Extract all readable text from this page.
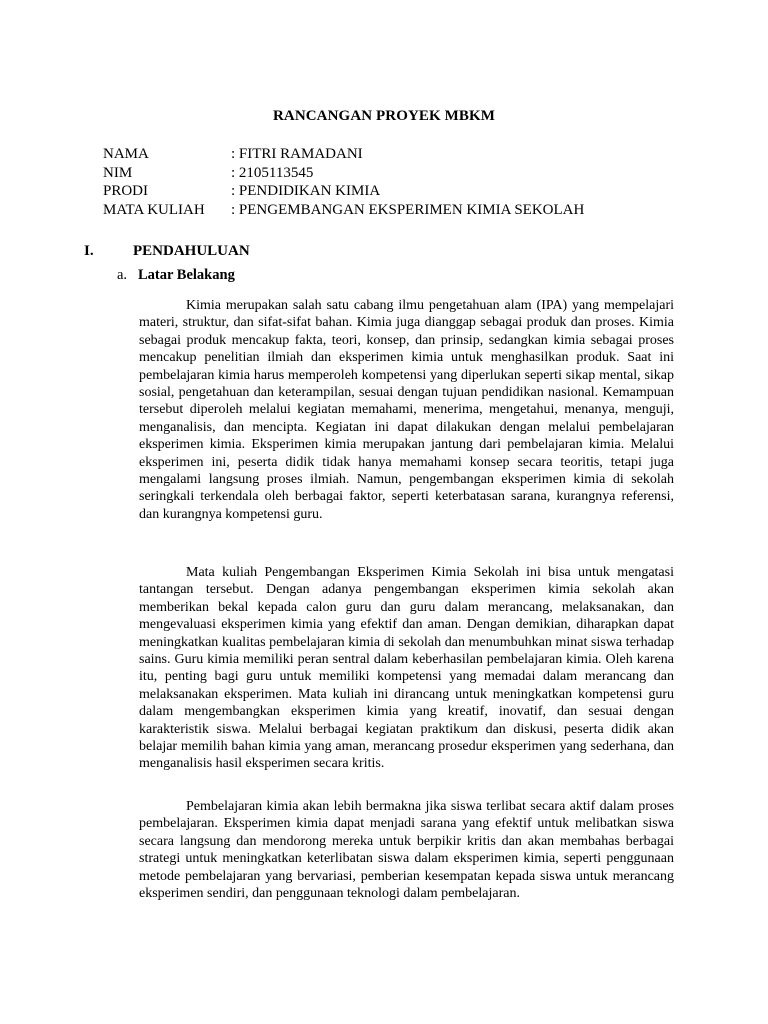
RANCANGAN PROYEK MBKM
NAMA	: FITRI RAMADANI
NIM	: 2105113545
PRODI	: PENDIDIKAN KIMIA
MATA KULIAH : PENGEMBANGAN EKSPERIMEN KIMIA SEKOLAH
I.	PENDAHULUAN
a. Latar Belakang

Kimia merupakan salah satu cabang ilmu pengetahuan alam (IPA) yang mempelajari materi, struktur, dan sifat-sifat bahan. Kimia juga dianggap sebagai produk dan proses. Kimia sebagai produk mencakup fakta, teori, konsep, dan prinsip, sedangkan kimia sebagai proses mencakup penelitian ilmiah dan eksperimen kimia untuk menghasilkan produk. Saat ini pembelajaran kimia harus memperoleh kompetensi yang diperlukan seperti sikap mental, sikap sosial, pengetahuan dan keterampilan, sesuai dengan tujuan pendidikan nasional. Kemampuan tersebut diperoleh melalui kegiatan memahami, menerima, mengetahui, menanya, menguji, menganalisis, dan mencipta. Kegiatan ini dapat dilakukan dengan melalui pembelajaran eksperimen kimia. Eksperimen kimia merupakan jantung dari pembelajaran kimia. Melalui eksperimen ini, peserta didik tidak hanya memahami konsep secara teoritis, tetapi juga mengalami langsung proses ilmiah. Namun, pengembangan eksperimen kimia di sekolah seringkali terkendala oleh berbagai faktor, seperti keterbatasan sarana, kurangnya referensi, dan kurangnya kompetensi guru.

Mata kuliah Pengembangan Eksperimen Kimia Sekolah ini bisa untuk mengatasi tantangan tersebut. Dengan adanya pengembangan eksperimen kimia sekolah akan memberikan bekal kepada calon guru dan guru dalam merancang, melaksanakan, dan mengevaluasi eksperimen kimia yang efektif dan aman. Dengan demikian, diharapkan dapat meningkatkan kualitas pembelajaran kimia di sekolah dan menumbuhkan minat siswa terhadap sains. Guru kimia memiliki peran sentral dalam keberhasilan pembelajaran kimia. Oleh karena itu, penting bagi guru untuk memiliki kompetensi yang memadai dalam merancang dan melaksanakan eksperimen. Mata kuliah ini dirancang untuk meningkatkan kompetensi guru dalam mengembangkan eksperimen kimia yang kreatif, inovatif, dan sesuai dengan karakteristik siswa. Melalui berbagai kegiatan praktikum dan diskusi, peserta didik akan belajar memilih bahan kimia yang aman, merancang prosedur eksperimen yang sederhana, dan menganalisis hasil eksperimen secara kritis.

Pembelajaran kimia akan lebih bermakna jika siswa terlibat secara aktif dalam proses pembelajaran. Eksperimen kimia dapat menjadi sarana yang efektif untuk melibatkan siswa secara langsung dan mendorong mereka untuk berpikir kritis dan akan membahas berbagai strategi untuk meningkatkan keterlibatan siswa dalam eksperimen kimia, seperti penggunaan metode pembelajaran yang bervariasi, pemberian kesempatan kepada siswa untuk merancang eksperimen sendiri, dan penggunaan teknologi dalam pembelajaran.
